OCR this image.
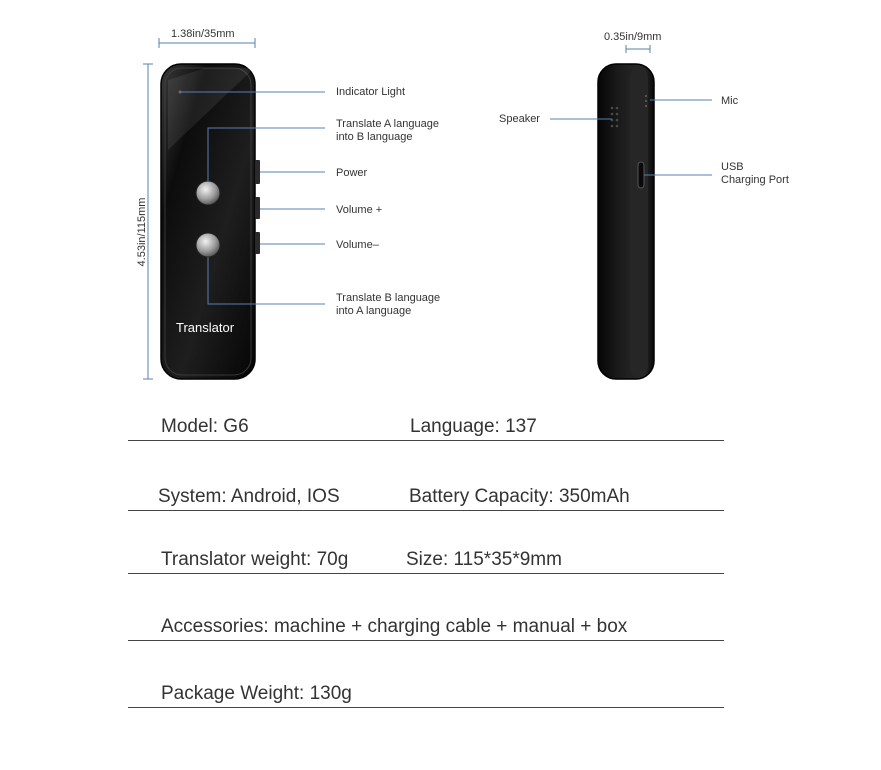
1.38in/35mm
4.53in/115mm
0.35in/9mm
Indicator Light
Translate A language
into B language
Power
Volume +
Volume–
Translate B language
into A language
Translator
Speaker
Mic
USB
Charging Port
Model: G6	Language: 137
System: Android, IOS	Battery Capacity: 350mAh
Translator weight: 70g	Size: 115*35*9mm
Accessories: machine + charging cable + manual + box
Package Weight: 130g
